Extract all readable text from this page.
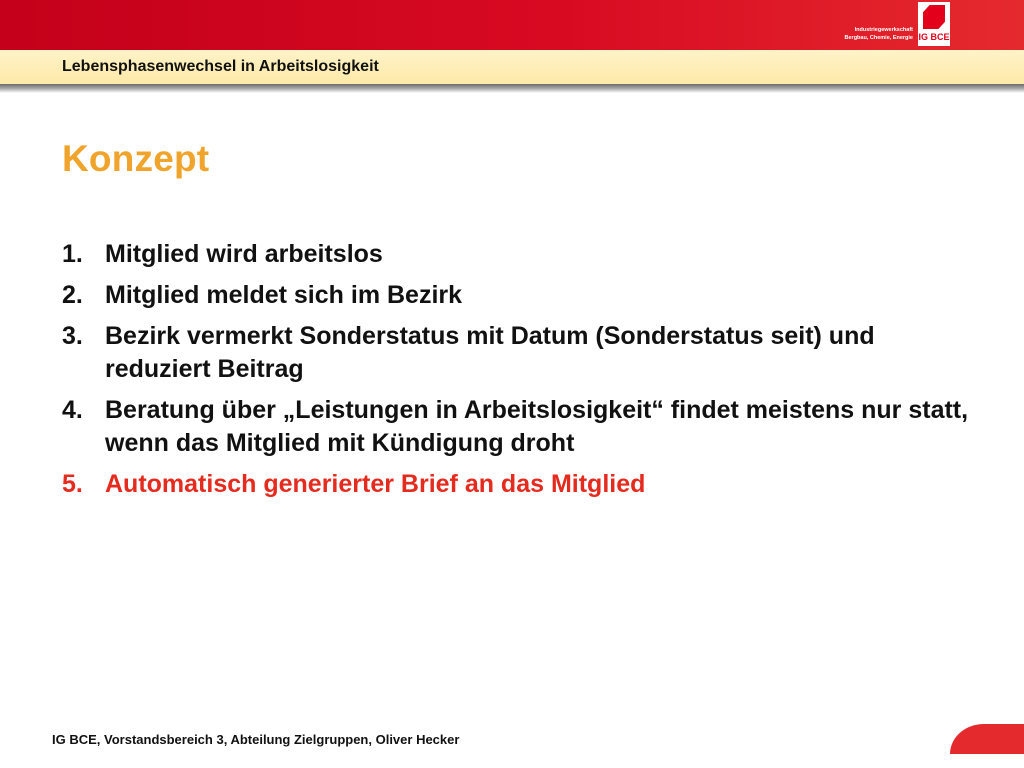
Industriegewerkschaft
Bergbau, Chemie, Energie IG BCE
Lebensphasenwechsel in Arbeitslosigkeit
Konzept
1. Mitglied wird arbeitslos
2. Mitglied meldet sich im Bezirk
3. Bezirk vermerkt Sonderstatus mit Datum (Sonderstatus seit) und reduziert Beitrag
4. Beratung über „Leistungen in Arbeitslosigkeit“ findet meistens nur statt, wenn das Mitglied mit Kündigung droht
5. Automatisch generierter Brief an das Mitglied
IG BCE, Vorstandsbereich 3, Abteilung Zielgruppen, Oliver Hecker
